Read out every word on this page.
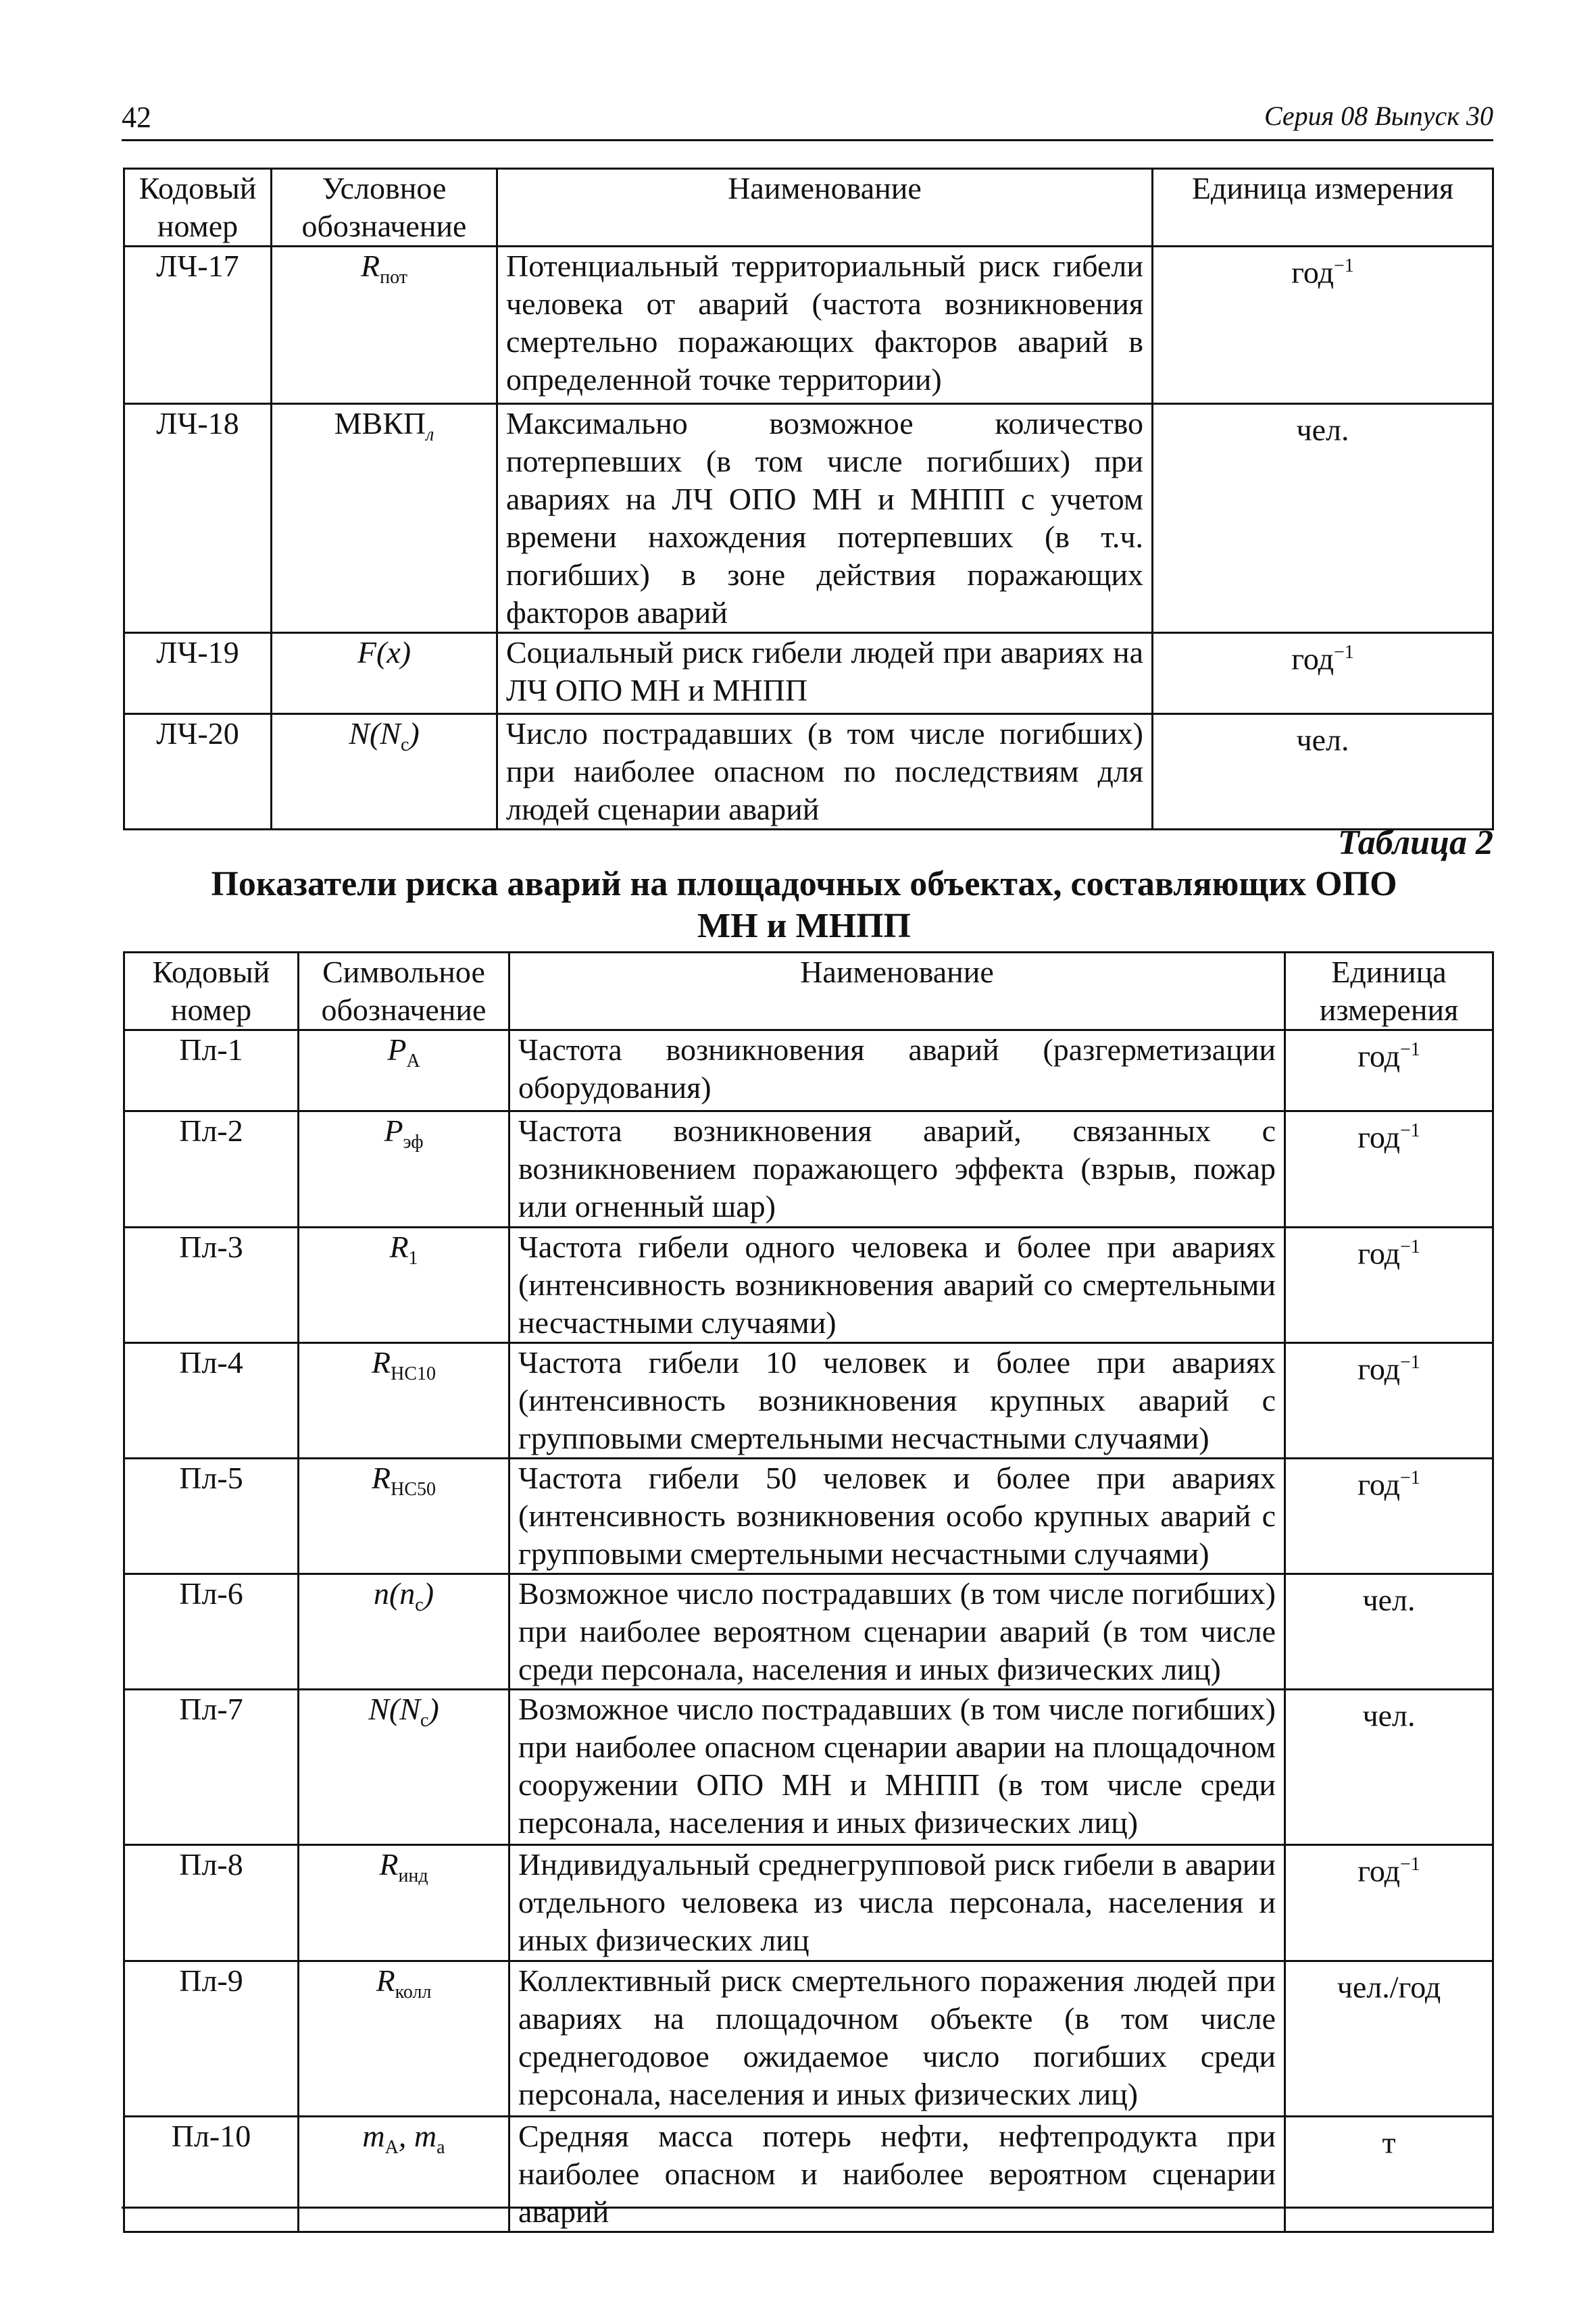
42	Серия 08 Выпуск 30
Кодовый номер	Условное обозначение	Наименование	Единица измерения
ЛЧ-17	$R_{пот}$	Потенциальный территориальный риск гибели человека от аварий (частота возникновения смертельно поражающих факторов аварий в определенной точке территории)	год$^{-1}$
ЛЧ-18	$МВКП_л$	Максимально возможное количество потерпевших (в том числе погибших) при авариях на ЛЧ ОПО МН и МНПП с учетом времени нахождения потерпевших (в т.ч. погибших) в зоне действия поражающих факторов аварий	чел.
ЛЧ-19	F(x)	Социальный риск гибели людей при авариях на ЛЧ ОПО МН и МНПП	год$^{-1}$
ЛЧ-20	$N(N_c)$	Число пострадавших (в том числе погибших) при наиболее опасном по последствиям для людей сценарии аварий	чел.
Таблица 2
Показатели риска аварий на площадочных объектах, составляющих ОПО МН и МНПП
Кодовый номер	Символьное обозначение	Наименование	Единица измерения
Пл-1	$P_А$	Частота возникновения аварий (разгерметизации оборудования)	год$^{-1}$
Пл-2	$P_{эф}$	Частота возникновения аварий, связанных с возникновением поражающего эффекта (взрыв, пожар или огненный шар)	год$^{-1}$
Пл-3	$R_1$	Частота гибели одного человека и более при авариях (интенсивность возникновения аварий со смертельными несчастными случаями)	год$^{-1}$
Пл-4	$R_{НС10}$	Частота гибели 10 человек и более при авариях (интенсивность возникновения крупных аварий с групповыми смертельными несчастными случаями)	год$^{-1}$
Пл-5	$R_{НС50}$	Частота гибели 50 человек и более при авариях (интенсивность возникновения особо крупных аварий с групповыми смертельными несчастными случаями)	год$^{-1}$
Пл-6	$n(n_c)$	Возможное число пострадавших (в том числе погибших) при наиболее вероятном сценарии аварий (в том числе среди персонала, населения и иных физических лиц)	чел.
Пл-7	$N(N_c)$	Возможное число пострадавших (в том числе погибших) при наиболее опасном сценарии аварии на площадочном сооружении ОПО МН и МНПП (в том числе среди персонала, населения и иных физических лиц)	чел.
Пл-8	$R_{инд}$	Индивидуальный среднегрупповой риск гибели в аварии отдельного человека из числа персонала, населения и иных физических лиц	год$^{-1}$
Пл-9	$R_{колл}$	Коллективный риск смертельного поражения людей при авариях на площадочном объекте (в том числе среднегодовое ожидаемое число погибших среди персонала, населения и иных физических лиц)	чел./год
Пл-10	$m_A$, $m_a$	Средняя масса потерь нефти, нефтепродукта при наиболее опасном и наиболее вероятном сценарии аварий	т
